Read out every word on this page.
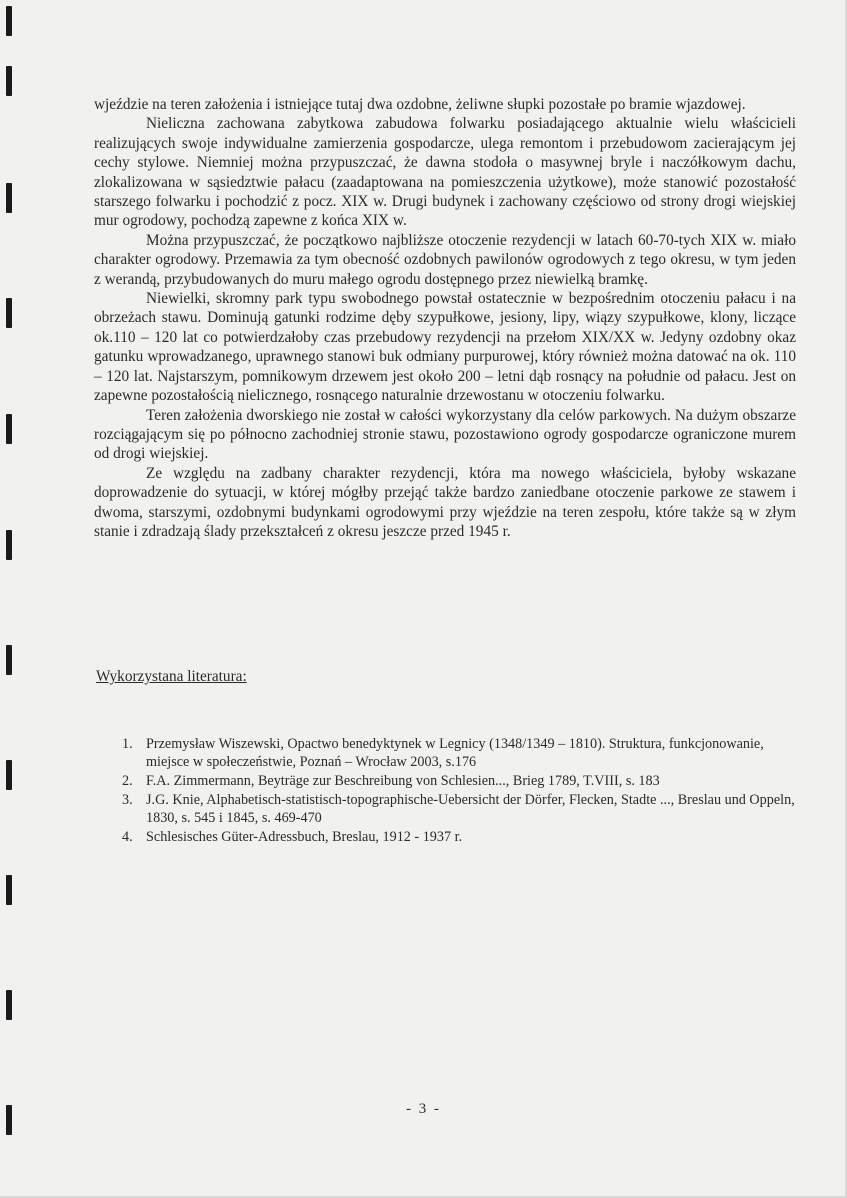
wjeździe na teren założenia i istniejące tutaj dwa ozdobne, żeliwne słupki pozostałe po bramie wjazdowej.

Nieliczna zachowana zabytkowa zabudowa folwarku posiadającego aktualnie wielu właścicieli realizujących swoje indywidualne zamierzenia gospodarcze, ulega remontom i przebudowom zacierającym jej cechy stylowe. Niemniej można przypuszczać, że dawna stodoła o masywnej bryle i naczółkowym dachu, zlokalizowana w sąsiedztwie pałacu (zaadaptowana na pomieszczenia użytkowe), może stanowić pozostałość starszego folwarku i pochodzić z pocz. XIX w. Drugi budynek i zachowany częściowo od strony drogi wiejskiej mur ogrodowy, pochodzą zapewne z końca XIX w.

Można przypuszczać, że początkowo najbliższe otoczenie rezydencji w latach 60-70-tych XIX w. miało charakter ogrodowy. Przemawia za tym obecność ozdobnych pawilonów ogrodowych z tego okresu, w tym jeden z werandą, przybudowanych do muru małego ogrodu dostępnego przez niewielką bramkę.

Niewielki, skromny park typu swobodnego powstał ostatecznie w bezpośrednim otoczeniu pałacu i na obrzeżach stawu. Dominują gatunki rodzime dęby szypułkowe, jesiony, lipy, wiązy szypułkowe, klony, liczące ok.110 – 120 lat co potwierdzałoby czas przebudowy rezydencji na przełom XIX/XX w. Jedyny ozdobny okaz gatunku wprowadzanego, uprawnego stanowi buk odmiany purpurowej, który również można datować na ok. 110 – 120 lat. Najstarszym, pomnikowym drzewem jest około 200 – letni dąb rosnący na południe od pałacu. Jest on zapewne pozostałością nielicznego, rosnącego naturalnie drzewostanu w otoczeniu folwarku.

Teren założenia dworskiego nie został w całości wykorzystany dla celów parkowych. Na dużym obszarze rozciągającym się po północno zachodniej stronie stawu, pozostawiono ogrody gospodarcze ograniczone murem od drogi wiejskiej.

Ze względu na zadbany charakter rezydencji, która ma nowego właściciela, byłoby wskazane doprowadzenie do sytuacji, w której mógłby przejąć także bardzo zaniedbane otoczenie parkowe ze stawem i dwoma, starszymi, ozdobnymi budynkami ogrodowymi przy wjeździe na teren zespołu, które także są w złym stanie i zdradzają ślady przekształceń z okresu jeszcze przed 1945 r.

Wykorzystana literatura:
1. Przemysław Wiszewski, Opactwo benedyktynek w Legnicy (1348/1349 – 1810). Struktura, funkcjonowanie, miejsce w społeczeństwie, Poznań – Wrocław 2003, s.176
2. F.A. Zimmermann, Beyträge zur Beschreibung von Schlesien..., Brieg 1789, T.VIII, s. 183
3. J.G. Knie, Alphabetisch-statistisch-topographische-Uebersicht der Dörfer, Flecken, Stadte ..., Breslau und Oppeln, 1830, s. 545 i 1845, s. 469-470
4. Schlesisches Güter-Adressbuch, Breslau, 1912 - 1937 r.
- 3 -
